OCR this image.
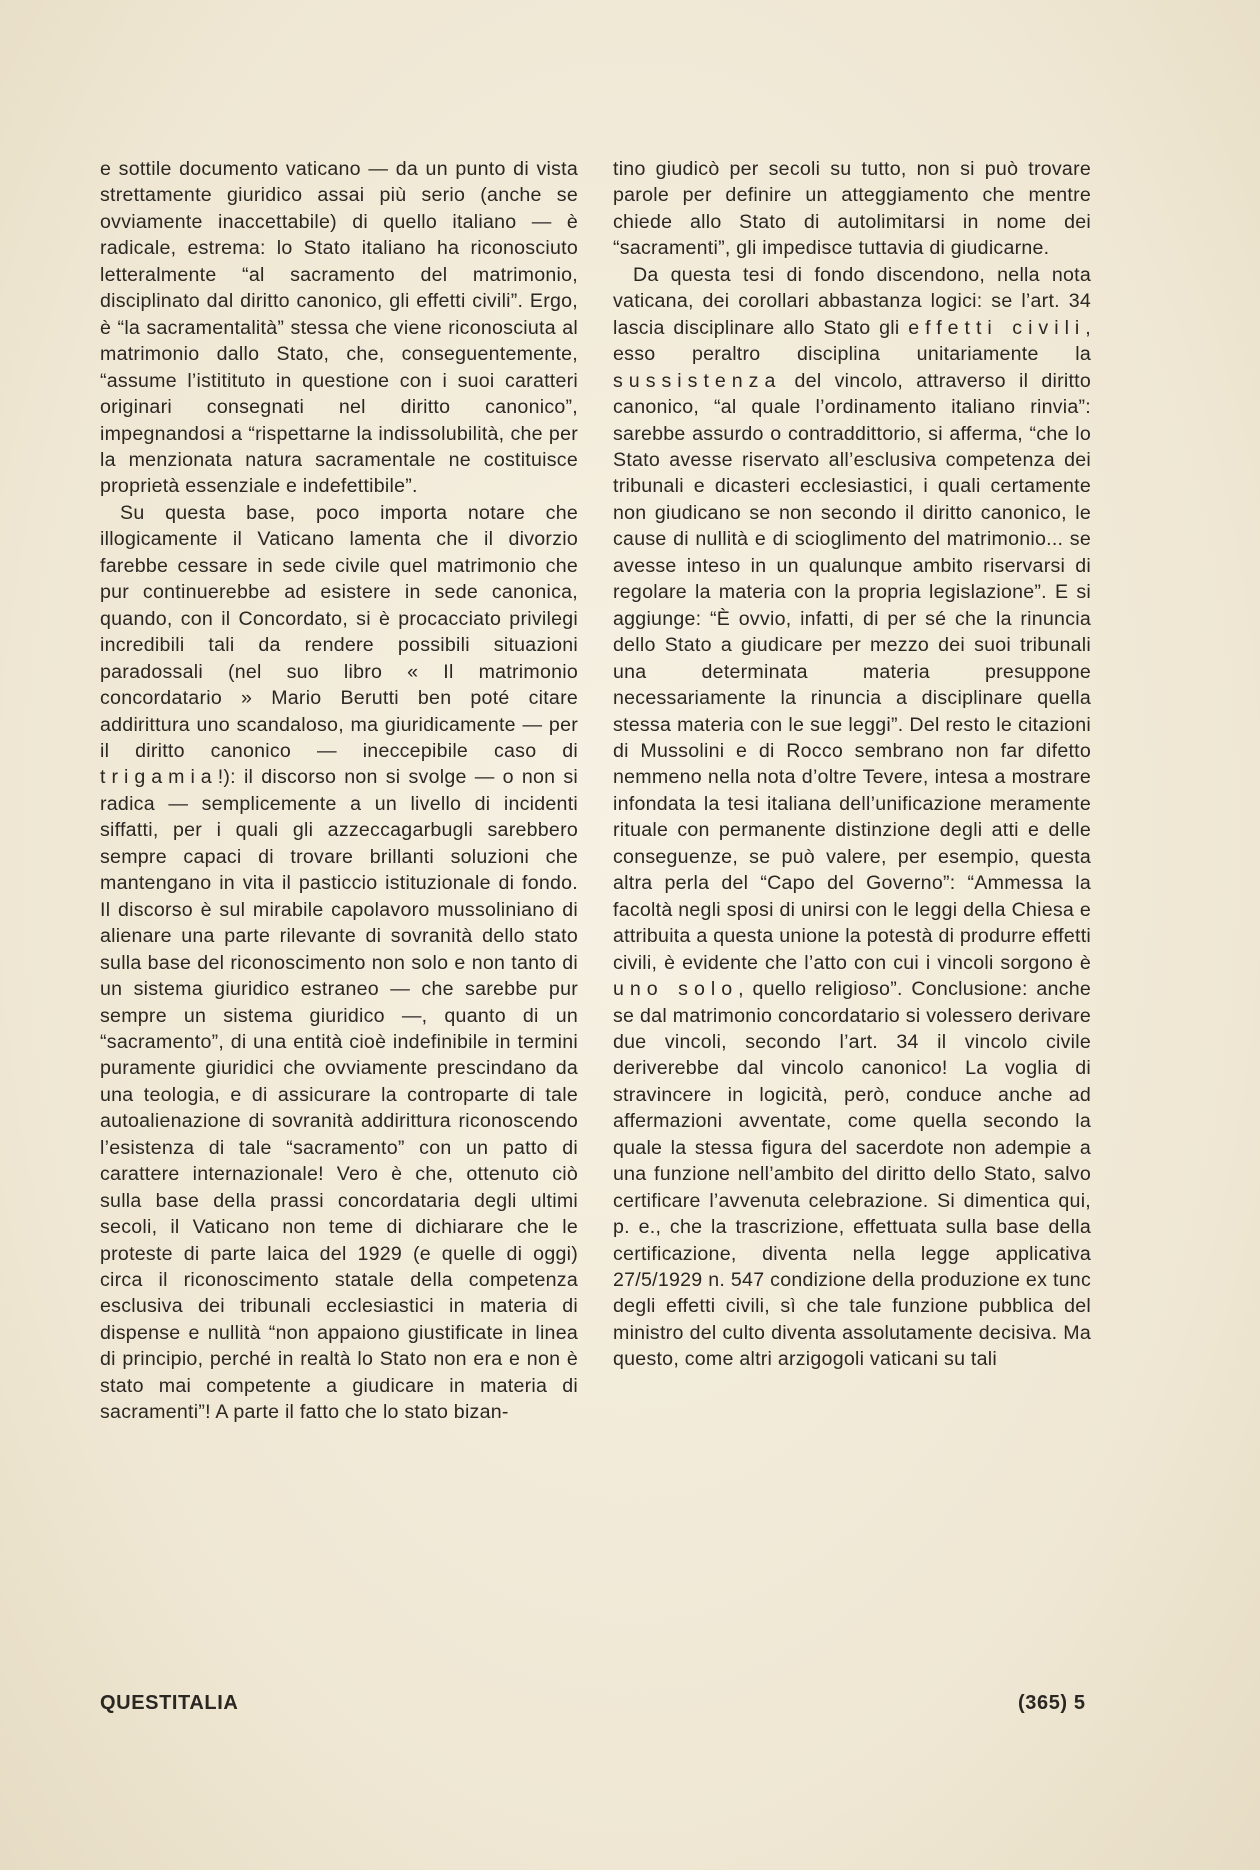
e sottile documento vaticano — da un punto di vista strettamente giuridico assai più serio (anche se ovviamente inaccettabile) di quello italiano — è radicale, estrema: lo Stato italiano ha riconosciuto letteralmente “al sacramento del matrimonio, disciplinato dal diritto canonico, gli effetti civili”. Ergo, è “la sacramentalità” stessa che viene riconosciuta al matrimonio dallo Stato, che, conseguentemente, “assume l’istitituto in questione con i suoi caratteri originari consegnati nel diritto canonico”, impegnandosi a “rispettarne la indissolubilità, che per la menzionata natura sacramentale ne costituisce proprietà essenziale e indefettibile”.

Su questa base, poco importa notare che illogicamente il Vaticano lamenta che il divorzio farebbe cessare in sede civile quel matrimonio che pur continuerebbe ad esistere in sede canonica, quando, con il Concordato, si è procacciato privilegi incredibili tali da rendere possibili situazioni paradossali (nel suo libro « Il matrimonio concordatario » Mario Berutti ben poté citare addirittura uno scandaloso, ma giuridicamente — per il diritto canonico — ineccepibile caso di trigamia!): il discorso non si svolge — o non si radica — semplicemente a un livello di incidenti siffatti, per i quali gli azzeccagarbugli sarebbero sempre capaci di trovare brillanti soluzioni che mantengano in vita il pasticcio istituzionale di fondo. Il discorso è sul mirabile capolavoro mussoliniano di alienare una parte rilevante di sovranità dello stato sulla base del riconoscimento non solo e non tanto di un sistema giuridico estraneo — che sarebbe pur sempre un sistema giuridico —, quanto di un “sacramento”, di una entità cioè indefinibile in termini puramente giuridici che ovviamente prescindano da una teologia, e di assicurare la controparte di tale autoalienazione di sovranità addirittura riconoscendo l’esistenza di tale “sacramento” con un patto di carattere internazionale! Vero è che, ottenuto ciò sulla base della prassi concordataria degli ultimi secoli, il Vaticano non teme di dichiarare che le proteste di parte laica del 1929 (e quelle di oggi) circa il riconoscimento statale della competenza esclusiva dei tribunali ecclesiastici in materia di dispense e nullità “non appaiono giustificate in linea di principio, perché in realtà lo Stato non era e non è stato mai competente a giudicare in materia di sacramenti”! A parte il fatto che lo stato bizan-

tino giudicò per secoli su tutto, non si può trovare parole per definire un atteggiamento che mentre chiede allo Stato di autolimitarsi in nome dei “sacramenti”, gli impedisce tuttavia di giudicarne.

Da questa tesi di fondo discendono, nella nota vaticana, dei corollari abbastanza logici: se l’art. 34 lascia disciplinare allo Stato gli effetti civili, esso peraltro disciplina unitariamente la sussistenza del vincolo, attraverso il diritto canonico, “al quale l’ordinamento italiano rinvia”: sarebbe assurdo o contraddittorio, si afferma, “che lo Stato avesse riservato all’esclusiva competenza dei tribunali e dicasteri ecclesiastici, i quali certamente non giudicano se non secondo il diritto canonico, le cause di nullità e di scioglimento del matrimonio... se avesse inteso in un qualunque ambito riservarsi di regolare la materia con la propria legislazione”. E si aggiunge: “È ovvio, infatti, di per sé che la rinuncia dello Stato a giudicare per mezzo dei suoi tribunali una determinata materia presuppone necessariamente la rinuncia a disciplinare quella stessa materia con le sue leggi”. Del resto le citazioni di Mussolini e di Rocco sembrano non far difetto nemmeno nella nota d’oltre Tevere, intesa a mostrare infondata la tesi italiana dell’unificazione meramente rituale con permanente distinzione degli atti e delle conseguenze, se può valere, per esempio, questa altra perla del “Capo del Governo”: “Ammessa la facoltà negli sposi di unirsi con le leggi della Chiesa e attribuita a questa unione la potestà di produrre effetti civili, è evidente che l’atto con cui i vincoli sorgono è uno solo, quello religioso”. Conclusione: anche se dal matrimonio concordatario si volessero derivare due vincoli, secondo l’art. 34 il vincolo civile deriverebbe dal vincolo canonico! La voglia di stravincere in logicità, però, conduce anche ad affermazioni avventate, come quella secondo la quale la stessa figura del sacerdote non adempie a una funzione nell’ambito del diritto dello Stato, salvo certificare l’avvenuta celebrazione. Si dimentica qui, p. e., che la trascrizione, effettuata sulla base della certificazione, diventa nella legge applicativa 27/5/1929 n. 547 condizione della produzione ex tunc degli effetti civili, sì che tale funzione pubblica del ministro del culto diventa assolutamente decisiva. Ma questo, come altri arzigogoli vaticani su tali

QUESTITALIA	(365) 5
